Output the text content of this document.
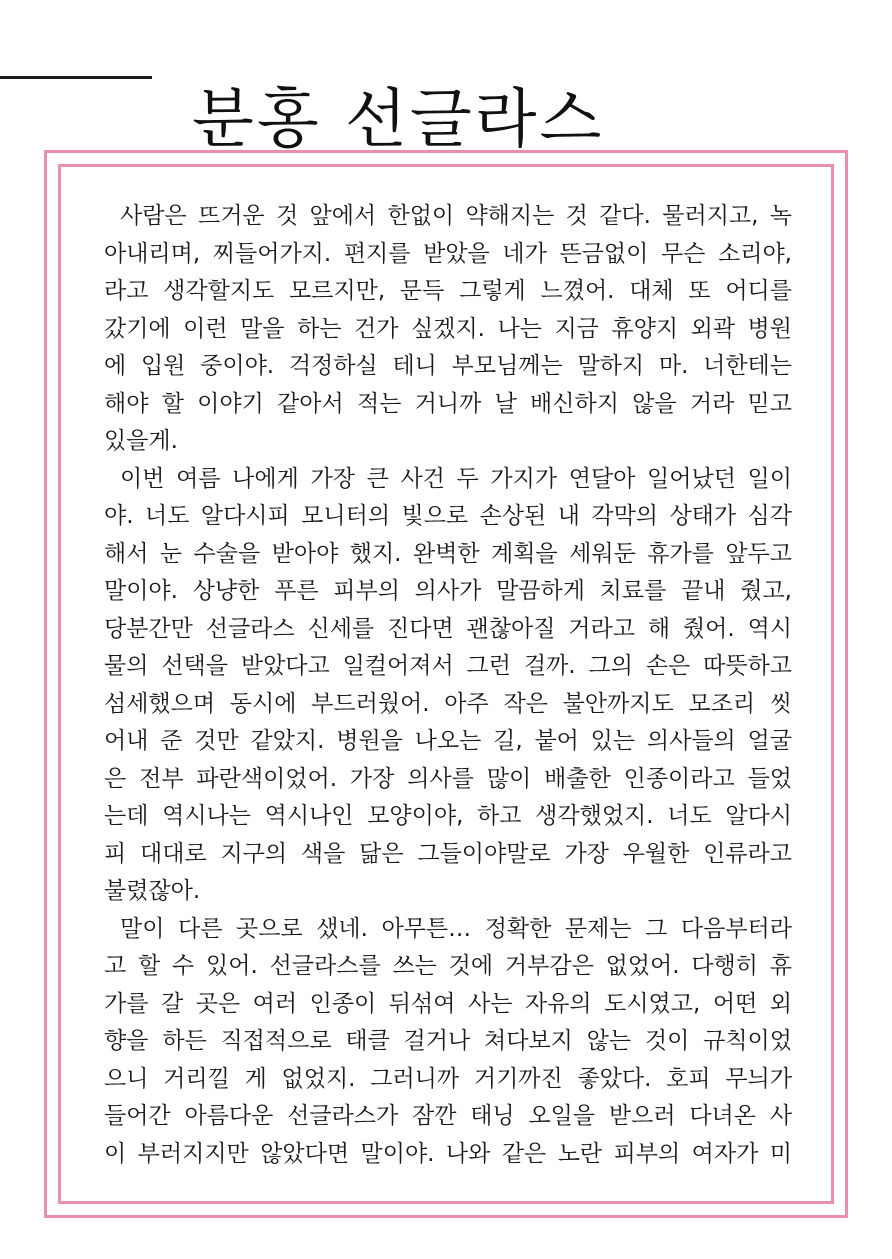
분홍 선글라스
사람은 뜨거운 것 앞에서 한없이 약해지는 것 같다. 물러지고, 녹
아내리며, 찌들어가지. 편지를 받았을 네가 뜬금없이 무슨 소리야,
라고 생각할지도 모르지만, 문득 그렇게 느꼈어. 대체 또 어디를
갔기에 이런 말을 하는 건가 싶겠지. 나는 지금 휴양지 외곽 병원
에 입원 중이야. 걱정하실 테니 부모님께는 말하지 마. 너한테는
해야 할 이야기 같아서 적는 거니까 날 배신하지 않을 거라 믿고
있을게.
이번 여름 나에게 가장 큰 사건 두 가지가 연달아 일어났던 일이
야. 너도 알다시피 모니터의 빛으로 손상된 내 각막의 상태가 심각
해서 눈 수술을 받아야 했지. 완벽한 계획을 세워둔 휴가를 앞두고
말이야. 상냥한 푸른 피부의 의사가 말끔하게 치료를 끝내 줬고,
당분간만 선글라스 신세를 진다면 괜찮아질 거라고 해 줬어. 역시
물의 선택을 받았다고 일컬어져서 그런 걸까. 그의 손은 따뜻하고
섬세했으며 동시에 부드러웠어. 아주 작은 불안까지도 모조리 씻
어내 준 것만 같았지. 병원을 나오는 길, 붙어 있는 의사들의 얼굴
은 전부 파란색이었어. 가장 의사를 많이 배출한 인종이라고 들었
는데 역시나는 역시나인 모양이야, 하고 생각했었지. 너도 알다시
피 대대로 지구의 색을 닮은 그들이야말로 가장 우월한 인류라고
불렸잖아.
말이 다른 곳으로 샜네. 아무튼… 정확한 문제는 그 다음부터라
고 할 수 있어. 선글라스를 쓰는 것에 거부감은 없었어. 다행히 휴
가를 갈 곳은 여러 인종이 뒤섞여 사는 자유의 도시였고, 어떤 외
향을 하든 직접적으로 태클 걸거나 쳐다보지 않는 것이 규칙이었
으니 거리낄 게 없었지. 그러니까 거기까진 좋았다. 호피 무늬가
들어간 아름다운 선글라스가 잠깐 태닝 오일을 받으러 다녀온 사
이 부러지지만 않았다면 말이야. 나와 같은 노란 피부의 여자가 미
